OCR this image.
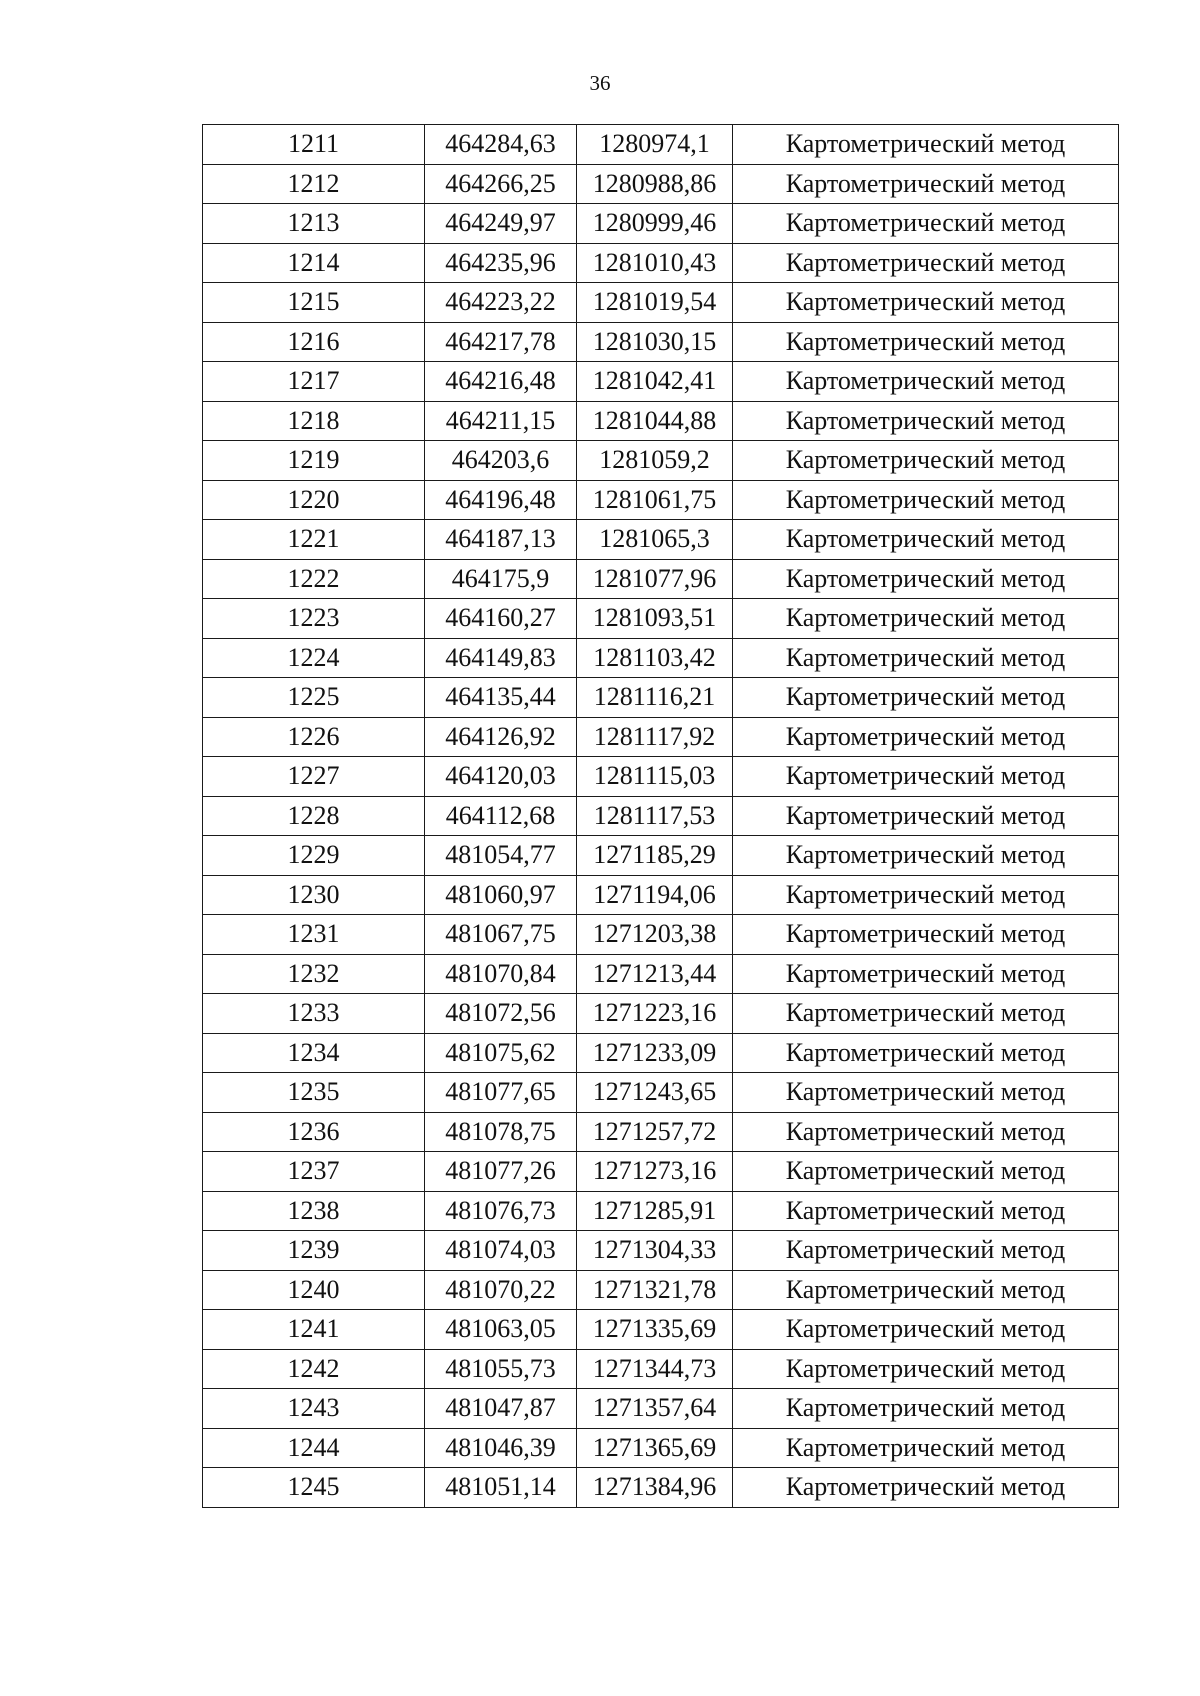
36
1211	464284,63	1280974,1	Картометрический метод
1212	464266,25	1280988,86	Картометрический метод
1213	464249,97	1280999,46	Картометрический метод
1214	464235,96	1281010,43	Картометрический метод
1215	464223,22	1281019,54	Картометрический метод
1216	464217,78	1281030,15	Картометрический метод
1217	464216,48	1281042,41	Картометрический метод
1218	464211,15	1281044,88	Картометрический метод
1219	464203,6	1281059,2	Картометрический метод
1220	464196,48	1281061,75	Картометрический метод
1221	464187,13	1281065,3	Картометрический метод
1222	464175,9	1281077,96	Картометрический метод
1223	464160,27	1281093,51	Картометрический метод
1224	464149,83	1281103,42	Картометрический метод
1225	464135,44	1281116,21	Картометрический метод
1226	464126,92	1281117,92	Картометрический метод
1227	464120,03	1281115,03	Картометрический метод
1228	464112,68	1281117,53	Картометрический метод
1229	481054,77	1271185,29	Картометрический метод
1230	481060,97	1271194,06	Картометрический метод
1231	481067,75	1271203,38	Картометрический метод
1232	481070,84	1271213,44	Картометрический метод
1233	481072,56	1271223,16	Картометрический метод
1234	481075,62	1271233,09	Картометрический метод
1235	481077,65	1271243,65	Картометрический метод
1236	481078,75	1271257,72	Картометрический метод
1237	481077,26	1271273,16	Картометрический метод
1238	481076,73	1271285,91	Картометрический метод
1239	481074,03	1271304,33	Картометрический метод
1240	481070,22	1271321,78	Картометрический метод
1241	481063,05	1271335,69	Картометрический метод
1242	481055,73	1271344,73	Картометрический метод
1243	481047,87	1271357,64	Картометрический метод
1244	481046,39	1271365,69	Картометрический метод
1245	481051,14	1271384,96	Картометрический метод
